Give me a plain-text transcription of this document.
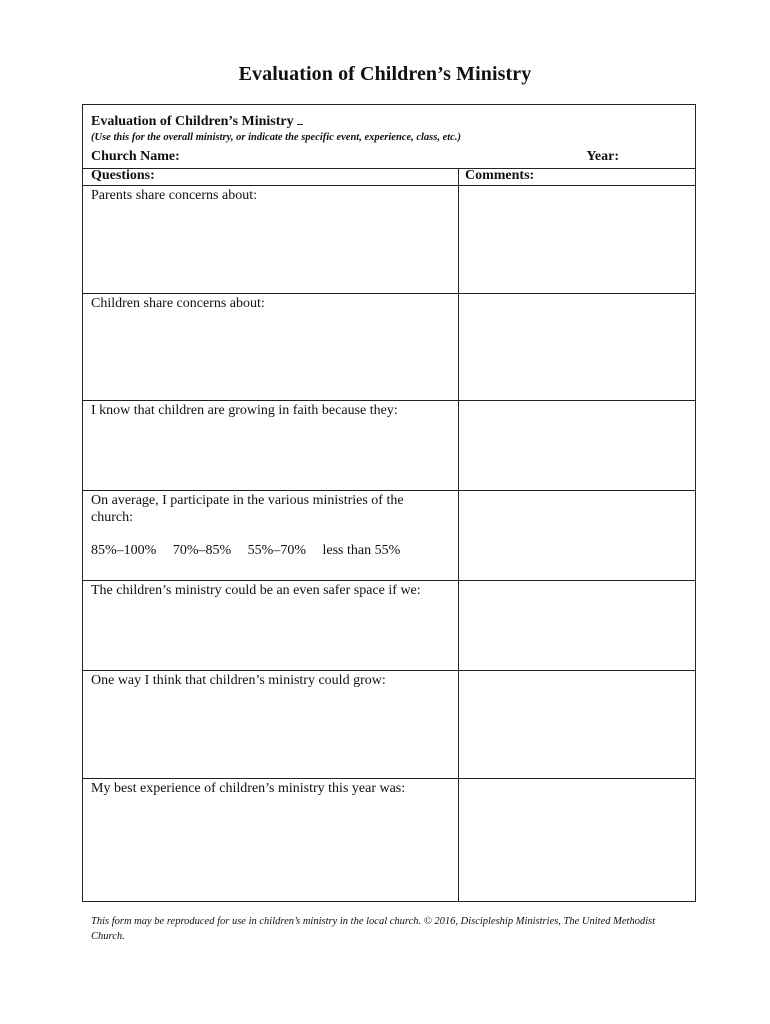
Evaluation of Children’s Ministry
Evaluation of Children’s Ministry
(Use this for the overall ministry, or indicate the specific event, experience, class, etc.)
Church Name:	Year:
Questions:	Comments:
Parents share concerns about:
Children share concerns about:
I know that children are growing in faith because they:
On average, I participate in the various ministries of the church:
85%–100% 70%–85% 55%–70% less than 55%
The children’s ministry could be an even safer space if we:
One way I think that children’s ministry could grow:
My best experience of children’s ministry this year was:
This form may be reproduced for use in children’s ministry in the local church. © 2016, Discipleship Ministries, The United Methodist Church.
